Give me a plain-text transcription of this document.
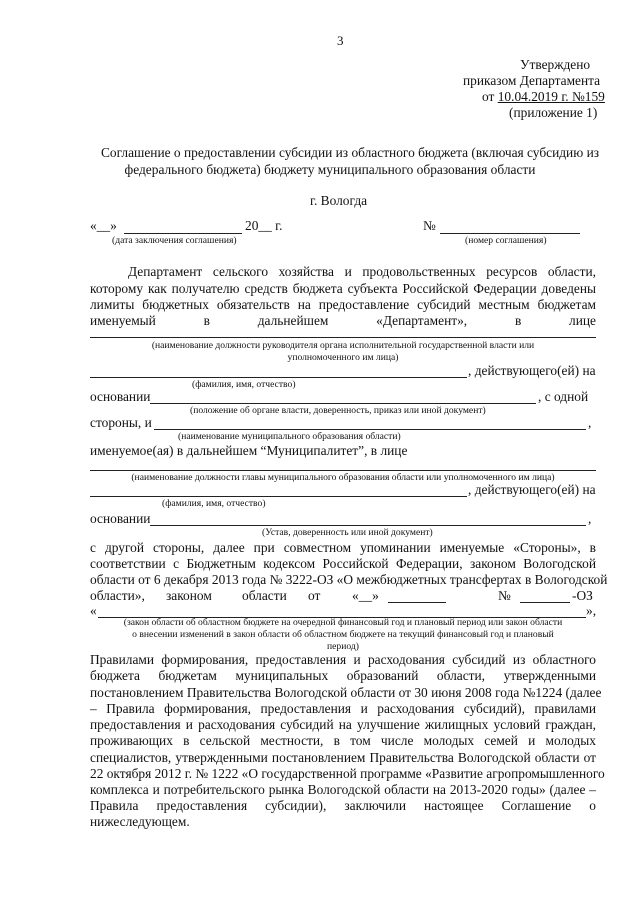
3
Утверждено
приказом Департамента
от 10.04.2019 г. №159
(приложение 1)
Соглашение о предоставлении субсидии из областного бюджета (включая субсидию из
федерального бюджета) бюджету муниципального образования области
г. Вологда
«__»	20__ г.	№
(дата заключения соглашения)	(номер соглашения)
Департамент сельского хозяйства и продовольственных ресурсов области,
которому как получателю средств бюджета субъекта Российской Федерации доведены
лимиты бюджетных обязательств на предоставление субсидий местным бюджетам
именуемый	в	дальнейшем	«Департамент»,	в	лице
(наименование должности руководителя органа исполнительной государственной власти или
уполномоченного им лица)
, действующего(ей) на
(фамилия, имя, отчество)
основании	, с одной
(положение об органе власти, доверенность, приказ или иной документ)
стороны, и	,
(наименование муниципального образования области)
именуемое(ая) в дальнейшем “Муниципалитет”, в лице
(наименование должности главы муниципального образования области или уполномоченного им лица)
, действующего(ей) на
(фамилия, имя, отчество)
основании	,
(Устав, доверенность или иной документ)
с другой стороны, далее при совместном упоминании именуемые «Стороны», в
соответствии с Бюджетным кодексом Российской Федерации, законом Вологодской
области от 6 декабря 2013 года № 3222-ОЗ «О межбюджетных трансфертах в Вологодской
области», законом области от «__»	№	-ОЗ
«	»,
(закон области об областном бюджете на очередной финансовый год и плановый период или закон области
о внесении изменений в закон области об областном бюджете на текущий финансовый год и плановый
период)
Правилами формирования, предоставления и расходования субсидий из областного
бюджета бюджетам муниципальных образований области, утвержденными
постановлением Правительства Вологодской области от 30 июня 2008 года №1224 (далее
– Правила формирования, предоставления и расходования субсидий), правилами
предоставления и расходования субсидий на улучшение жилищных условий граждан,
проживающих в сельской местности, в том числе молодых семей и молодых
специалистов, утвержденными постановлением Правительства Вологодской области от
22 октября 2012 г. № 1222 «О государственной программе «Развитие агропромышленного
комплекса и потребительского рынка Вологодской области на 2013-2020 годы» (далее –
Правила предоставления субсидии), заключили настоящее Соглашение о
нижеследующем.
